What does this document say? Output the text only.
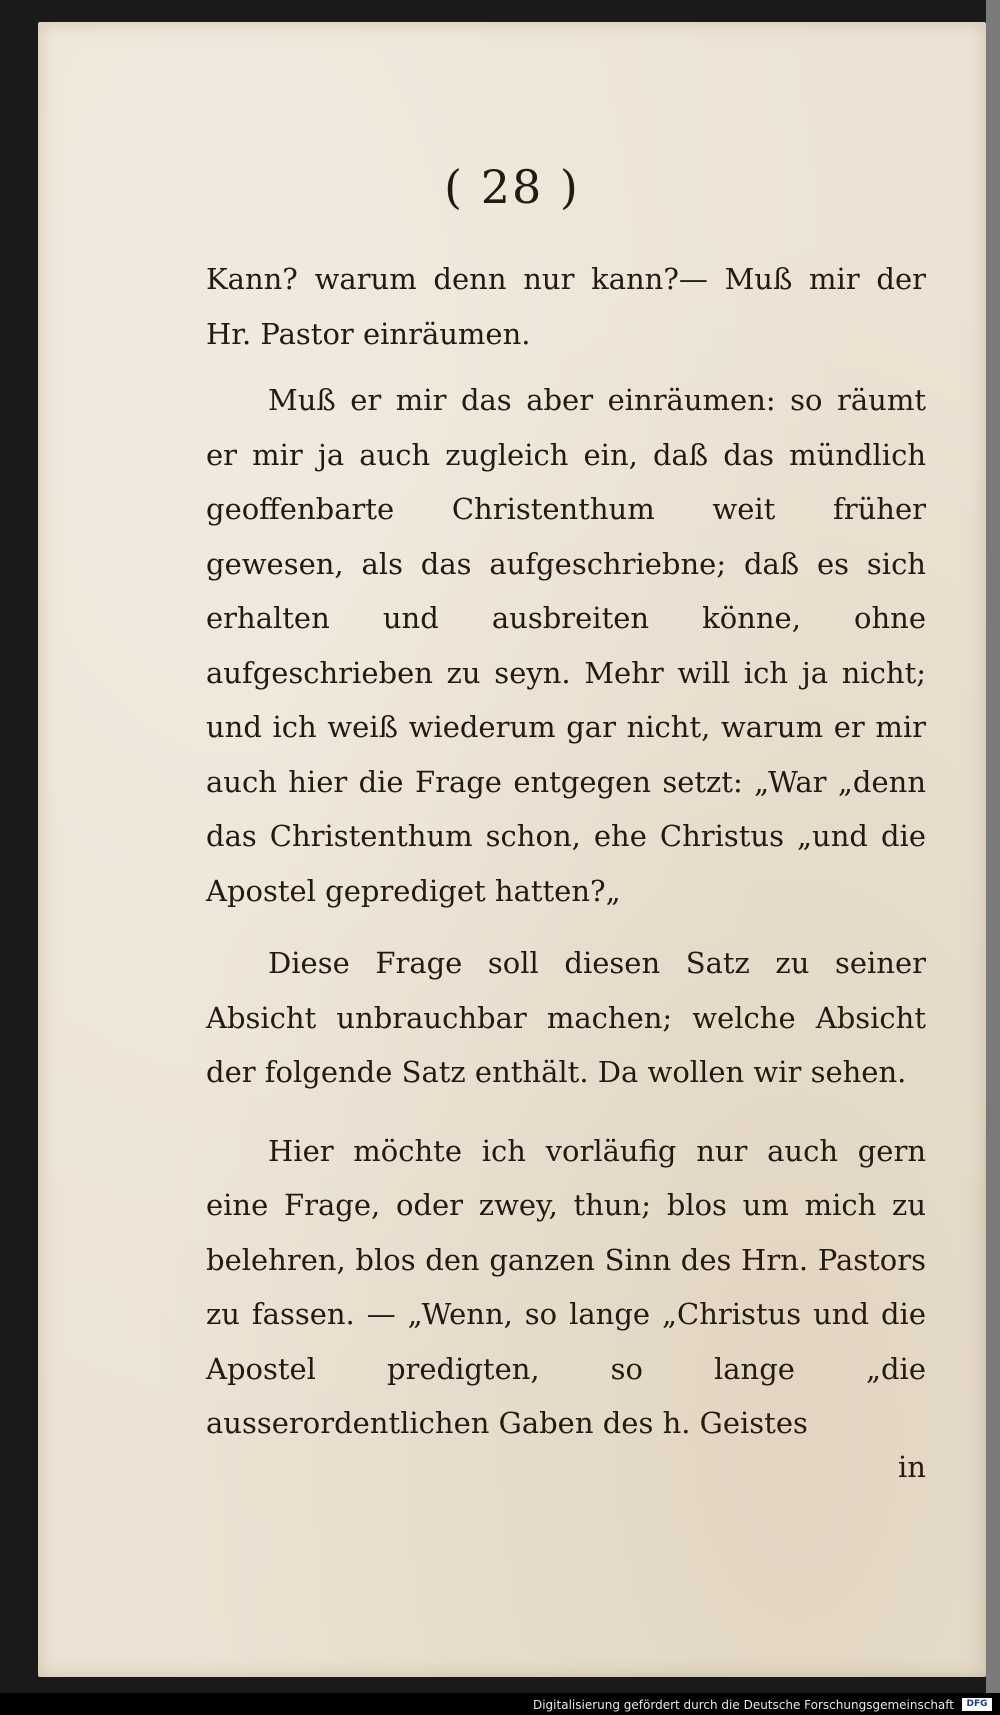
( 28 )

Kann? warum denn nur kann?— Muß mir der Hr. Pastor einräumen.

Muß er mir das aber einräumen: so räumt er mir ja auch zugleich ein, daß das mündlich geoffenbarte Christenthum weit früher gewesen, als das aufgeschriebne; daß es sich erhalten und ausbreiten könne, ohne aufgeschrieben zu seyn. Mehr will ich ja nicht; und ich weiß wiederum gar nicht, warum er mir auch hier die Frage entgegen setzt: „War „denn das Christenthum schon, ehe Christus „und die Apostel geprediget hatten?„

Diese Frage soll diesen Satz zu seiner Absicht unbrauchbar machen; welche Absicht der folgende Satz enthält. Da wollen wir sehen.

Hier möchte ich vorläufig nur auch gern eine Frage, oder zwey, thun; blos um mich zu belehren, blos den ganzen Sinn des Hrn. Pastors zu fassen. — „Wenn, so lange „Christus und die Apostel predigten, so lange „die ausserordentlichen Gaben des h. Geistes

in
Digitalisierung gefördert durch die Deutsche Forschungsgemeinschaft	DFG
